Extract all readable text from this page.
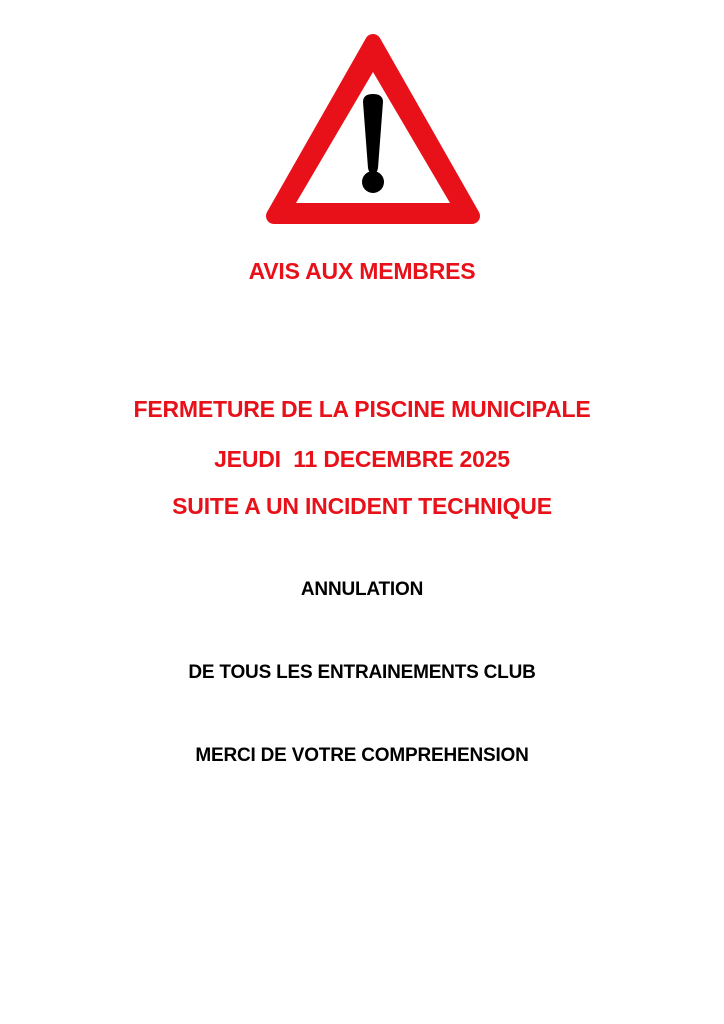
AVIS AUX MEMBRES

FERMETURE DE LA PISCINE MUNICIPALE

JEUDI  11 DECEMBRE 2025

SUITE A UN INCIDENT TECHNIQUE

ANNULATION

DE TOUS LES ENTRAINEMENTS CLUB

MERCI DE VOTRE COMPREHENSION
